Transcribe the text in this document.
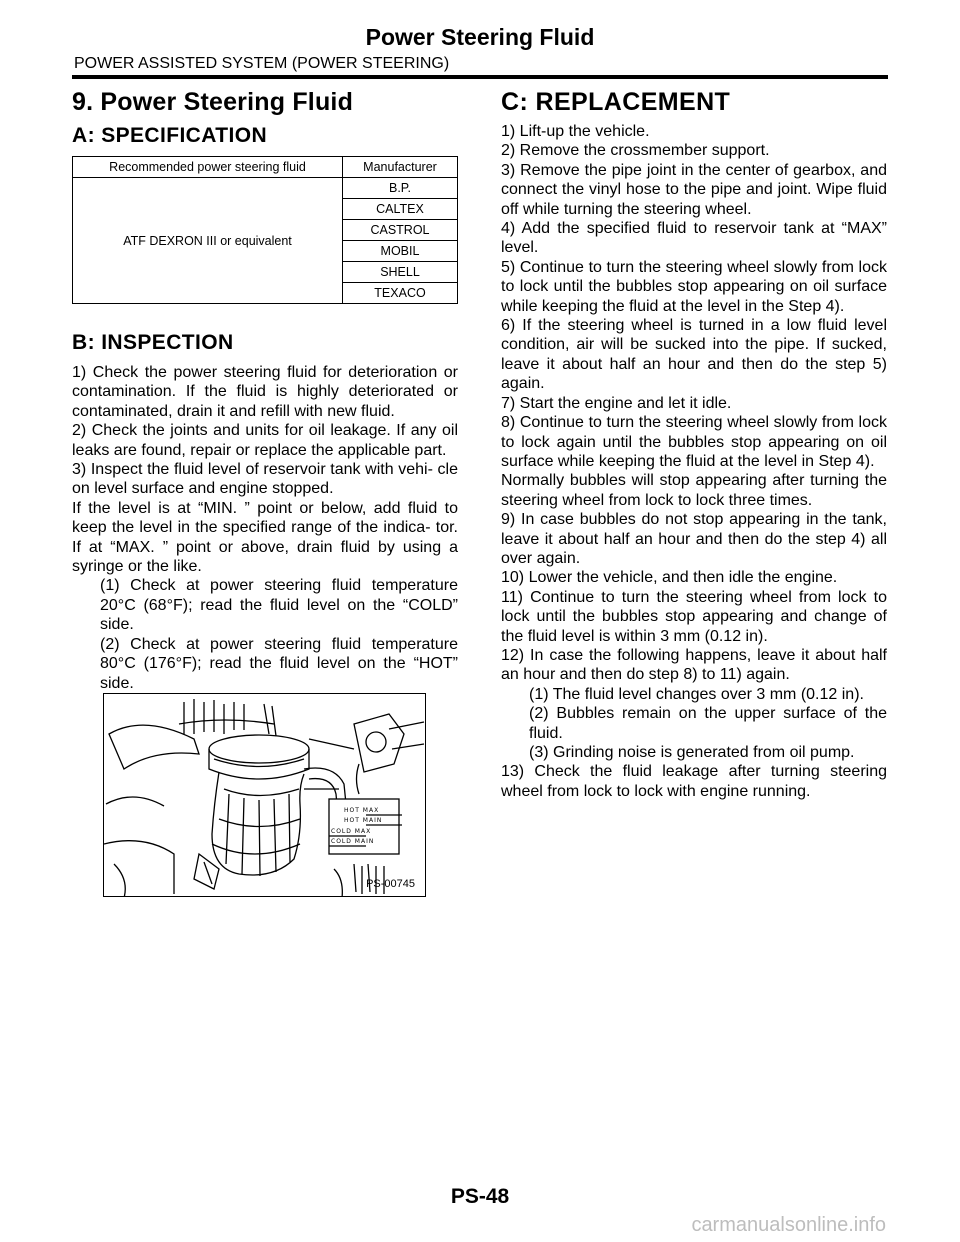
Power Steering Fluid
POWER ASSISTED SYSTEM (POWER STEERING)
9. Power Steering Fluid
A: SPECIFICATION
Recommended power steering fluid	Manufacturer
ATF DEXRON III or equivalent	B.P.
	CALTEX
	CASTROL
	MOBIL
	SHELL
	TEXACO
B: INSPECTION
1) Check the power steering fluid for deterioration or contamination. If the fluid is highly deteriorated or contaminated, drain it and refill with new fluid.
2) Check the joints and units for oil leakage. If any oil leaks are found, repair or replace the applicable part.
3) Inspect the fluid level of reservoir tank with vehi- cle on level surface and engine stopped.
If the level is at “MIN. ” point or below, add fluid to keep the level in the specified range of the indica- tor. If at “MAX. ” point or above, drain fluid by using a syringe or the like.
(1) Check at power steering fluid temperature 20°C (68°F); read the fluid level on the “COLD” side.
(2) Check at power steering fluid temperature 80°C (176°F); read the fluid level on the “HOT” side.
HOT MAX
HOT MAIN
COLD MAX
COLD MAIN
PS-00745
C: REPLACEMENT
1) Lift-up the vehicle.
2) Remove the crossmember support.
3) Remove the pipe joint in the center of gearbox, and connect the vinyl hose to the pipe and joint. Wipe fluid off while turning the steering wheel.
4) Add the specified fluid to reservoir tank at “MAX” level.
5) Continue to turn the steering wheel slowly from lock to lock until the bubbles stop appearing on oil surface while keeping the fluid at the level in the Step 4).
6) If the steering wheel is turned in a low fluid level condition, air will be sucked into the pipe. If sucked, leave it about half an hour and then do the step 5) again.
7) Start the engine and let it idle.
8) Continue to turn the steering wheel slowly from lock to lock again until the bubbles stop appearing on oil surface while keeping the fluid at the level in Step 4).
Normally bubbles will stop appearing after turning the steering wheel from lock to lock three times.
9) In case bubbles do not stop appearing in the tank, leave it about half an hour and then do the step 4) all over again.
10) Lower the vehicle, and then idle the engine.
11) Continue to turn the steering wheel from lock to lock until the bubbles stop appearing and change of the fluid level is within 3 mm (0.12 in).
12) In case the following happens, leave it about half an hour and then do step 8) to 11) again.
(1) The fluid level changes over 3 mm (0.12 in).
(2) Bubbles remain on the upper surface of the fluid.
(3) Grinding noise is generated from oil pump.
13) Check the fluid leakage after turning steering wheel from lock to lock with engine running.
PS-48
carmanualsonline.info
